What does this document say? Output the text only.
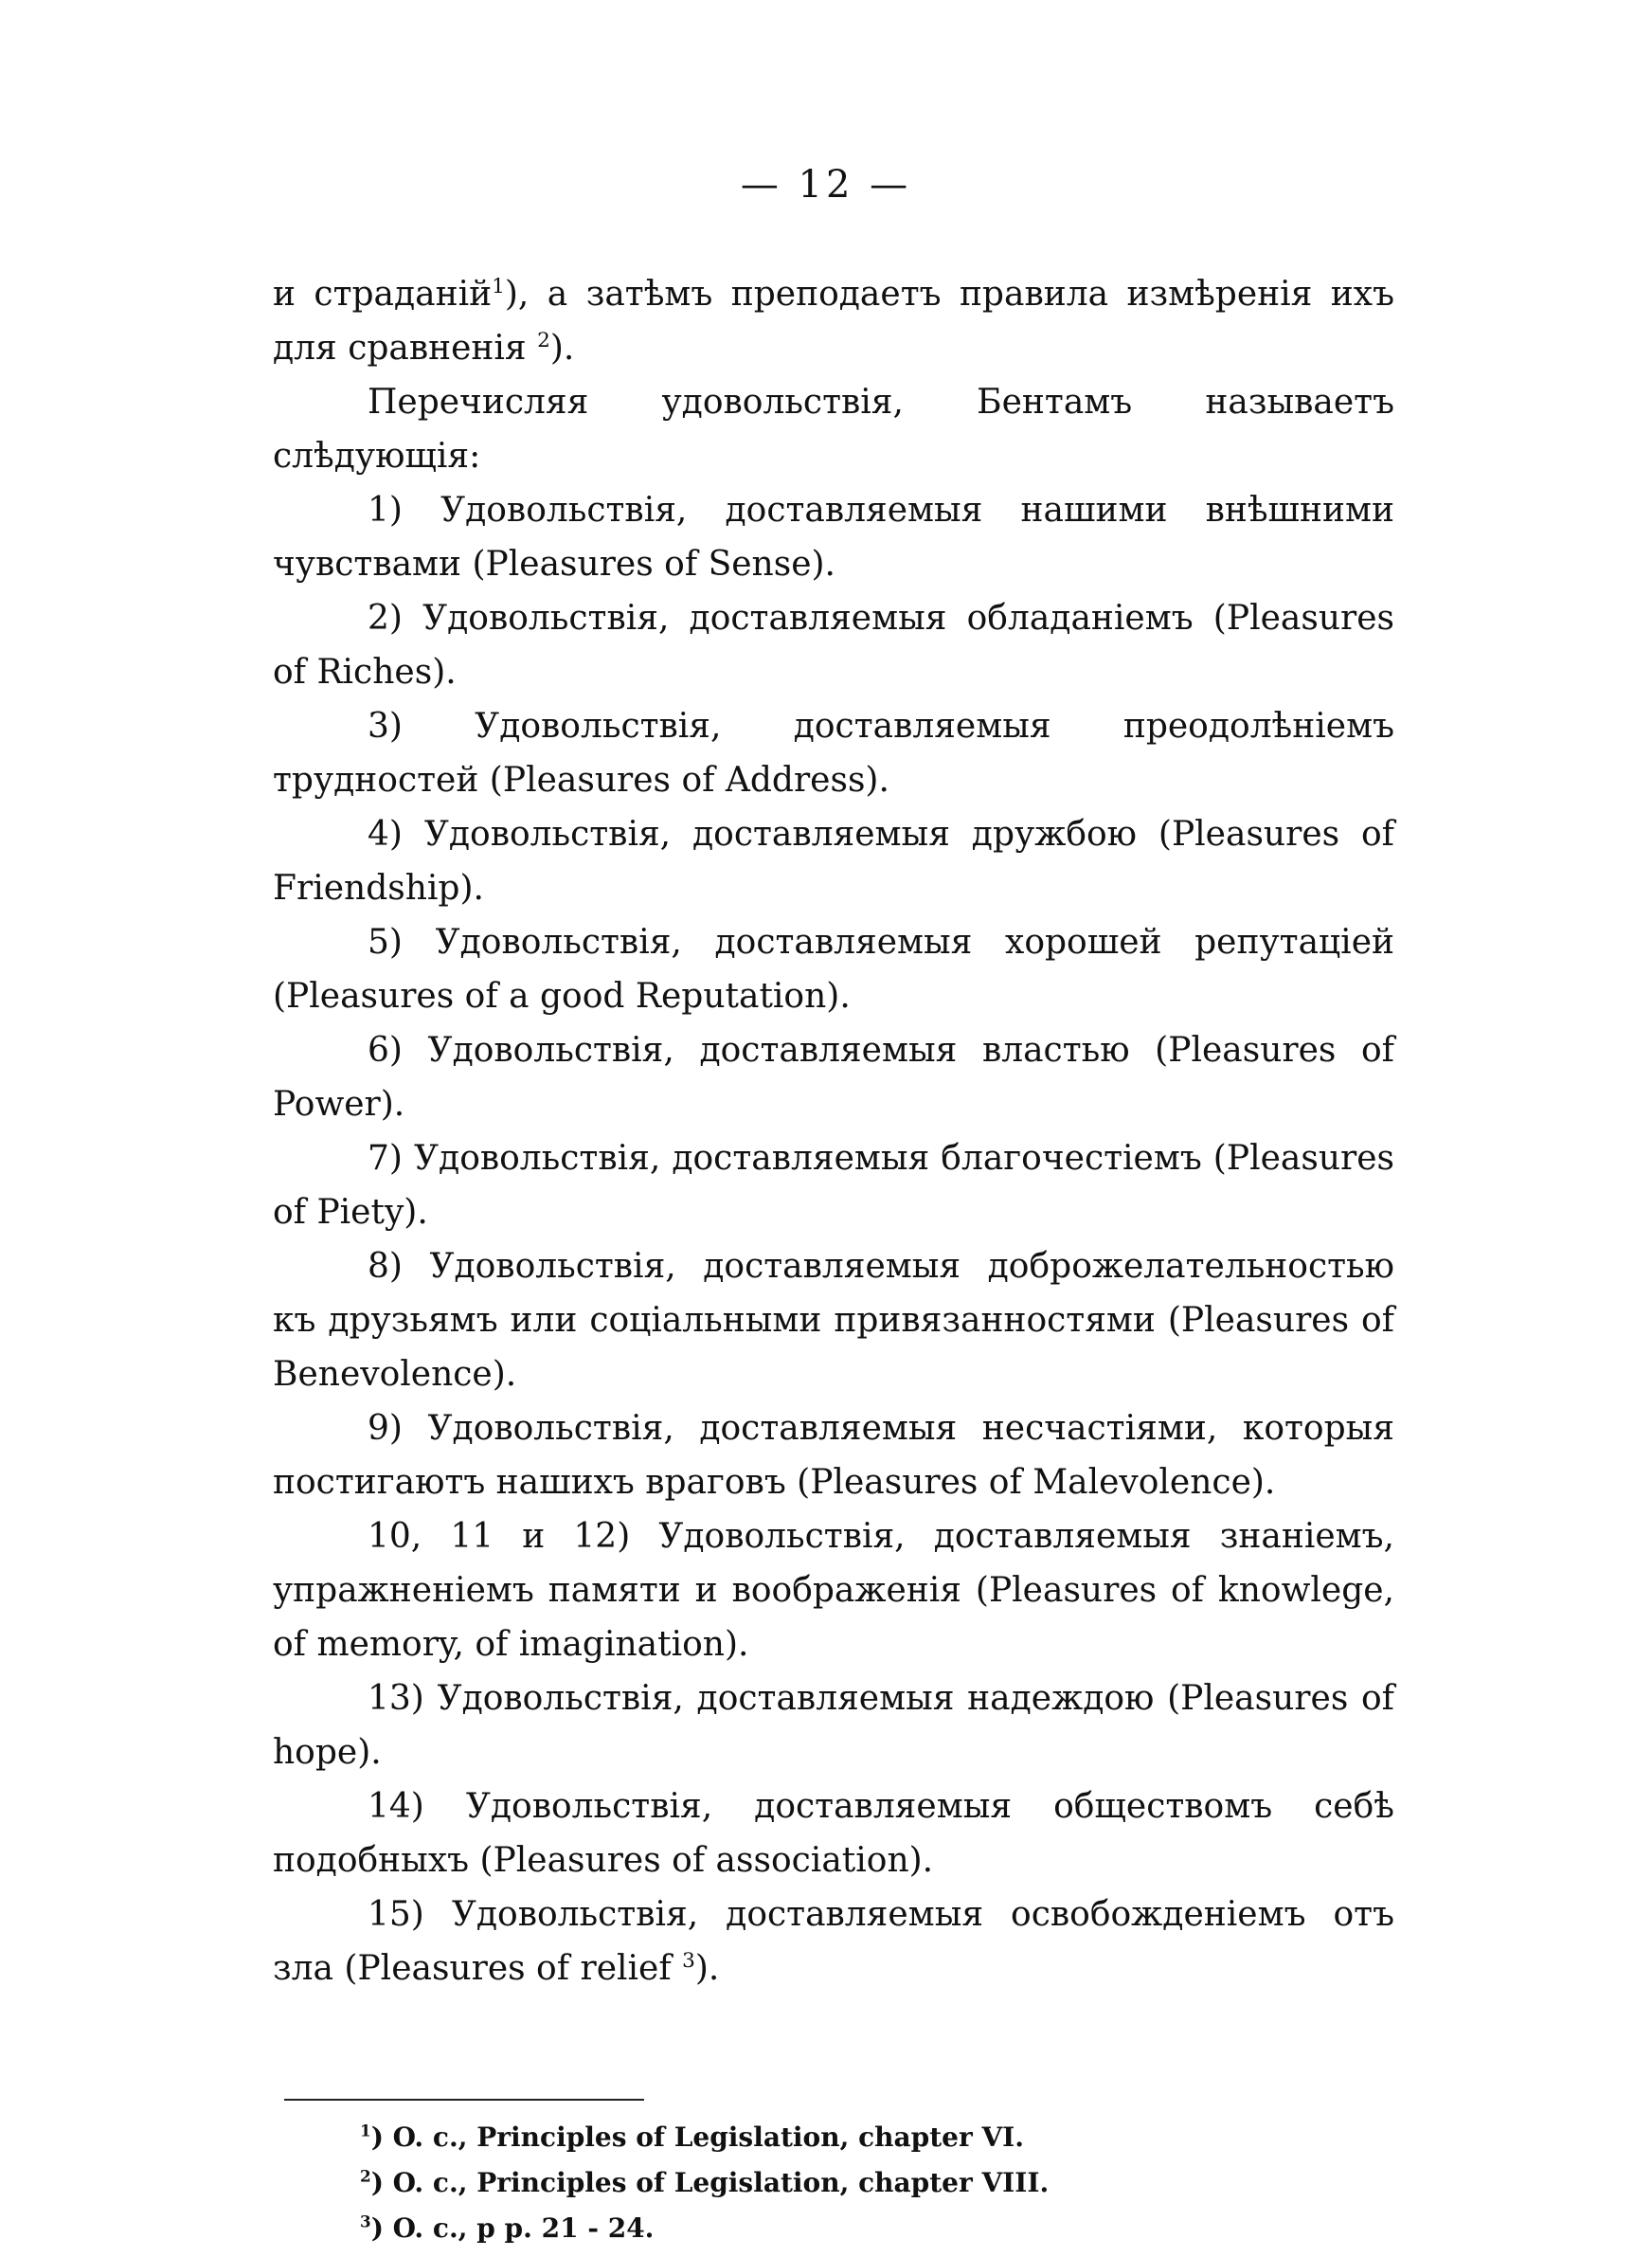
— 12 —

и страданій$^1$), а затѣмъ преподаетъ правила измѣренія ихъ для сравненія $^2$).

Перечисляя удовольствія, Бентамъ называетъ слѣдующія:

1) Удовольствія, доставляемыя нашими внѣшними чувствами (Pleasures of Sense).

2) Удовольствія, доставляемыя обладаніемъ (Pleasures of Riches).

3) Удовольствія, доставляемыя преодолѣніемъ трудностей (Pleasures of Address).

4) Удовольствія, доставляемыя дружбою (Pleasures of Friendship).

5) Удовольствія, доставляемыя хорошей репутаціей (Pleasures of a good Reputation).

6) Удовольствія, доставляемыя властью (Pleasures of Power).

7) Удовольствія, доставляемыя благочестіемъ (Pleasures of Piety).

8) Удовольствія, доставляемыя доброжелательностью къ друзьямъ или соціальными привязанностями (Pleasures of Benevolence).

9) Удовольствія, доставляемыя несчастіями, которыя постигаютъ нашихъ враговъ (Pleasures of Malevolence).

10, 11 и 12) Удовольствія, доставляемыя знаніемъ, упражненіемъ памяти и воображенія (Pleasures of knowlege, of memory, of imagination).

13) Удовольствія, доставляемыя надеждою (Pleasures of hope).

14) Удовольствія, доставляемыя обществомъ себѣ подобныхъ (Pleasures of association).

15) Удовольствія, доставляемыя освобожденіемъ отъ зла (Pleasures of relief $^3$).

$^1$) O. c., Principles of Legislation, chapter VI.
$^2$) O. c., Principles of Legislation, chapter VIII.
$^3$) O. c., p p. 21 - 24.
